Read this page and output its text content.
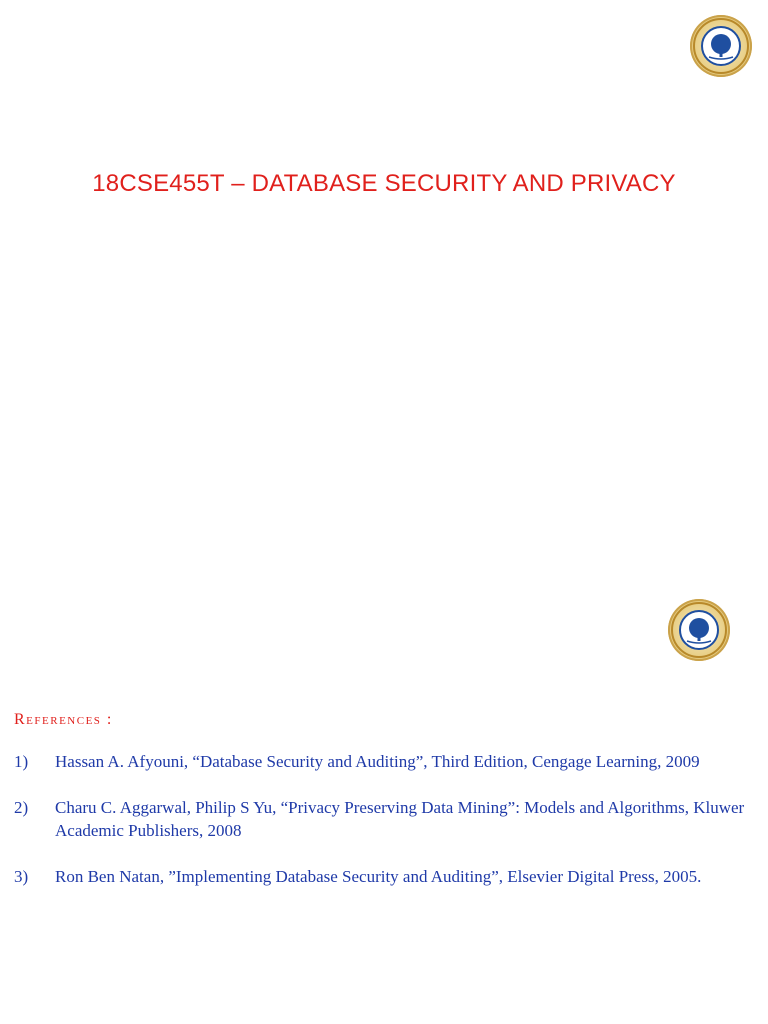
18CSE455T – DATABASE SECURITY AND PRIVACY
References :
1)	Hassan A. Afyouni, “Database Security and Auditing”, Third Edition, Cengage Learning, 2009
2)	Charu C. Aggarwal, Philip S Yu, “Privacy Preserving Data Mining”: Models and Algorithms, Kluwer Academic Publishers, 2008
3)	Ron Ben Natan, ”Implementing Database Security and Auditing”, Elsevier Digital Press, 2005.
